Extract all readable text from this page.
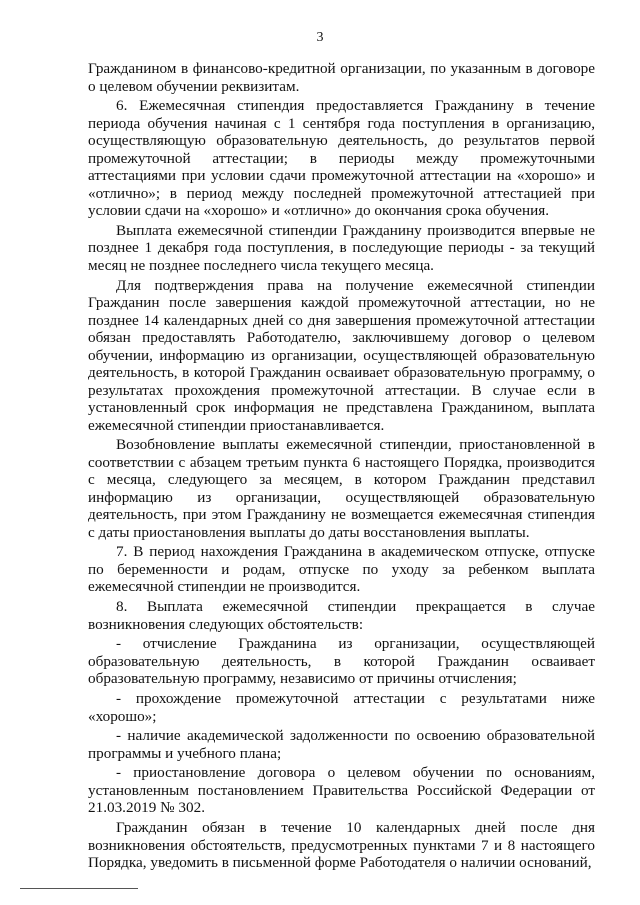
3

Гражданином в финансово-кредитной организации, по указанным в договоре о целевом обучении реквизитам.

6. Ежемесячная стипендия предоставляется Гражданину в течение периода обучения начиная с 1 сентября года поступления в организацию, осуществляющую образовательную деятельность, до результатов первой промежуточной аттестации; в периоды между промежуточными аттестациями при условии сдачи промежуточной аттестации на «хорошо» и «отлично»; в период между последней промежуточной аттестацией при условии сдачи на «хорошо» и «отлично» до окончания срока обучения.

Выплата ежемесячной стипендии Гражданину производится впервые не позднее 1 декабря года поступления, в последующие периоды - за текущий месяц не позднее последнего числа текущего месяца.

Для подтверждения права на получение ежемесячной стипендии Гражданин после завершения каждой промежуточной аттестации, но не позднее 14 календарных дней со дня завершения промежуточной аттестации обязан предоставлять Работодателю, заключившему договор о целевом обучении, информацию из организации, осуществляющей образовательную деятельность, в которой Гражданин осваивает образовательную программу, о результатах прохождения промежуточной аттестации. В случае если в установленный срок информация не представлена Гражданином, выплата ежемесячной стипендии приостанавливается.

Возобновление выплаты ежемесячной стипендии, приостановленной в соответствии с абзацем третьим пункта 6 настоящего Порядка, производится с месяца, следующего за месяцем, в котором Гражданин представил информацию из организации, осуществляющей образовательную деятельность, при этом Гражданину не возмещается ежемесячная стипендия с даты приостановления выплаты до даты восстановления выплаты.

7. В период нахождения Гражданина в академическом отпуске, отпуске по беременности и родам, отпуске по уходу за ребенком выплата ежемесячной стипендии не производится.

8. Выплата ежемесячной стипендии прекращается в случае возникновения следующих обстоятельств:

- отчисление Гражданина из организации, осуществляющей образовательную деятельность, в которой Гражданин осваивает образовательную программу, независимо от причины отчисления;

- прохождение промежуточной аттестации с результатами ниже «хорошо»;

- наличие академической задолженности по освоению образовательной программы и учебного плана;

- приостановление договора о целевом обучении по основаниям, установленным постановлением Правительства Российской Федерации от 21.03.2019 № 302.

Гражданин обязан в течение 10 календарных дней после дня возникновения обстоятельств, предусмотренных пунктами 7 и 8 настоящего Порядка, уведомить в письменной форме Работодателя о наличии оснований,
